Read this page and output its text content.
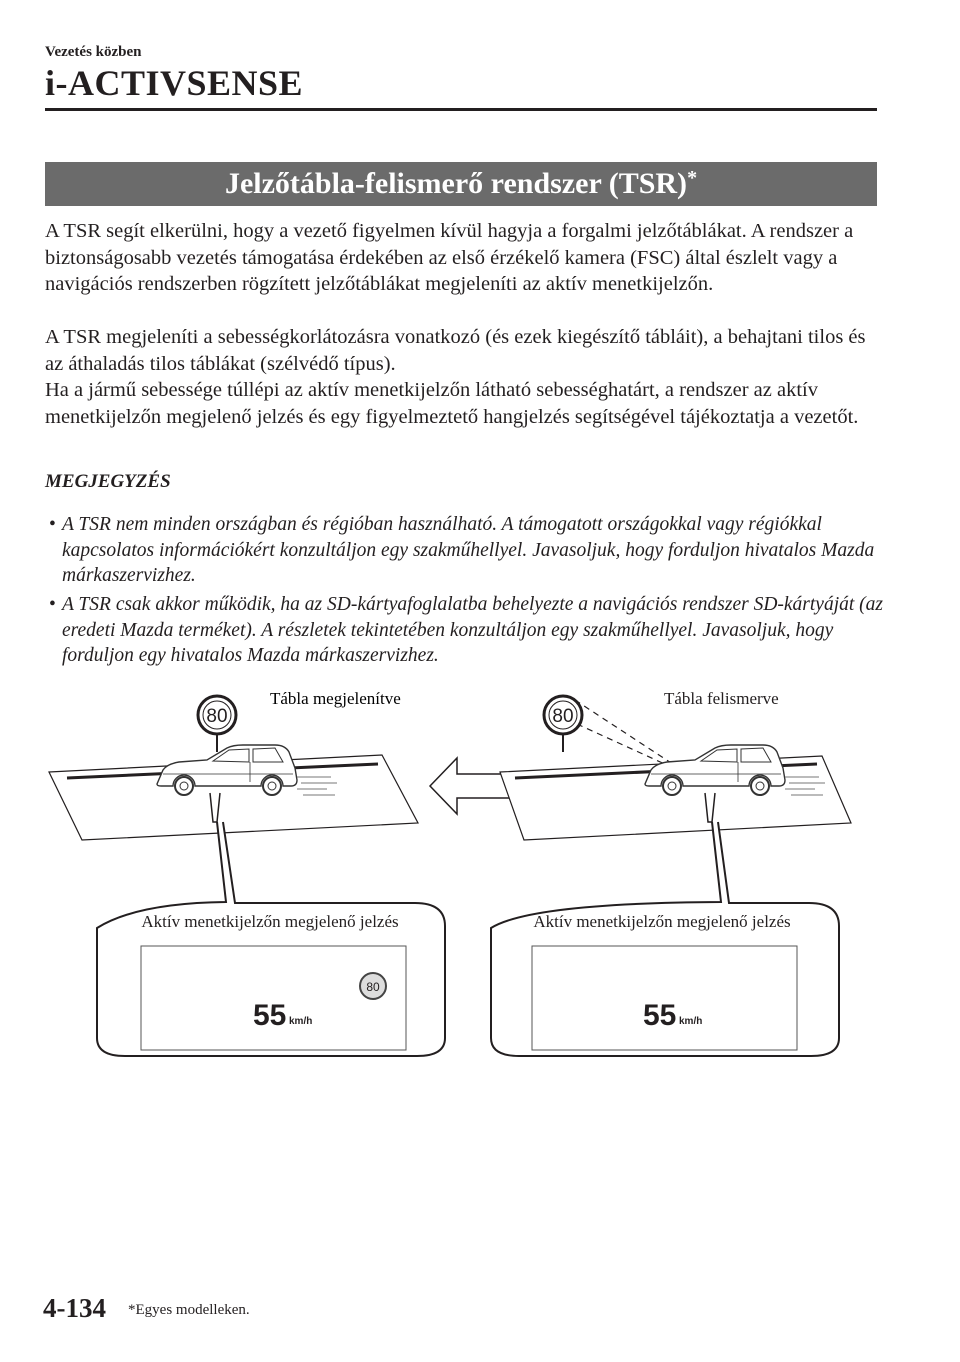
Vezetés közben
i-ACTIVSENSE
Jelzőtábla-felismerő rendszer (TSR)*

A TSR segít elkerülni, hogy a vezető figyelmen kívül hagyja a forgalmi jelzőtáblákat. A rendszer a biztonságosabb vezetés támogatása érdekében az első érzékelő kamera (FSC) által észlelt vagy a navigációs rendszerben rögzített jelzőtáblákat megjeleníti az aktív menetkijelzőn.

A TSR megjeleníti a sebességkorlátozásra vonatkozó (és ezek kiegészítő tábláit), a behajtani tilos és az áthaladás tilos táblákat (szélvédő típus).

Ha a jármű sebessége túllépi az aktív menetkijelzőn látható sebességhatárt, a rendszer az aktív menetkijelzőn megjelenő jelzés és egy figyelmeztető hangjelzés segítségével tájékoztatja a vezetőt.

MEGJEGYZÉS
• A TSR nem minden országban és régióban használható. A támogatott országokkal vagy régiókkal kapcsolatos információkért konzultáljon egy szakműhellyel. Javasoljuk, hogy forduljon hivatalos Mazda márkaszervizhez.
• A TSR csak akkor működik, ha az SD-kártyafoglalatba behelyezte a navigációs rendszer SD-kártyáját (az eredeti Mazda terméket). A részletek tekintetében konzultáljon egy szakműhellyel. Javasoljuk, hogy forduljon egy hivatalos Mazda márkaszervizhez.
Tábla megjelenítve
80
Aktív menetkijelzőn megjelenő jelzés
80
55 km/h
Tábla felismerve
80
Aktív menetkijelzőn megjelenő jelzés
55 km/h
4-134 *Egyes modelleken.
